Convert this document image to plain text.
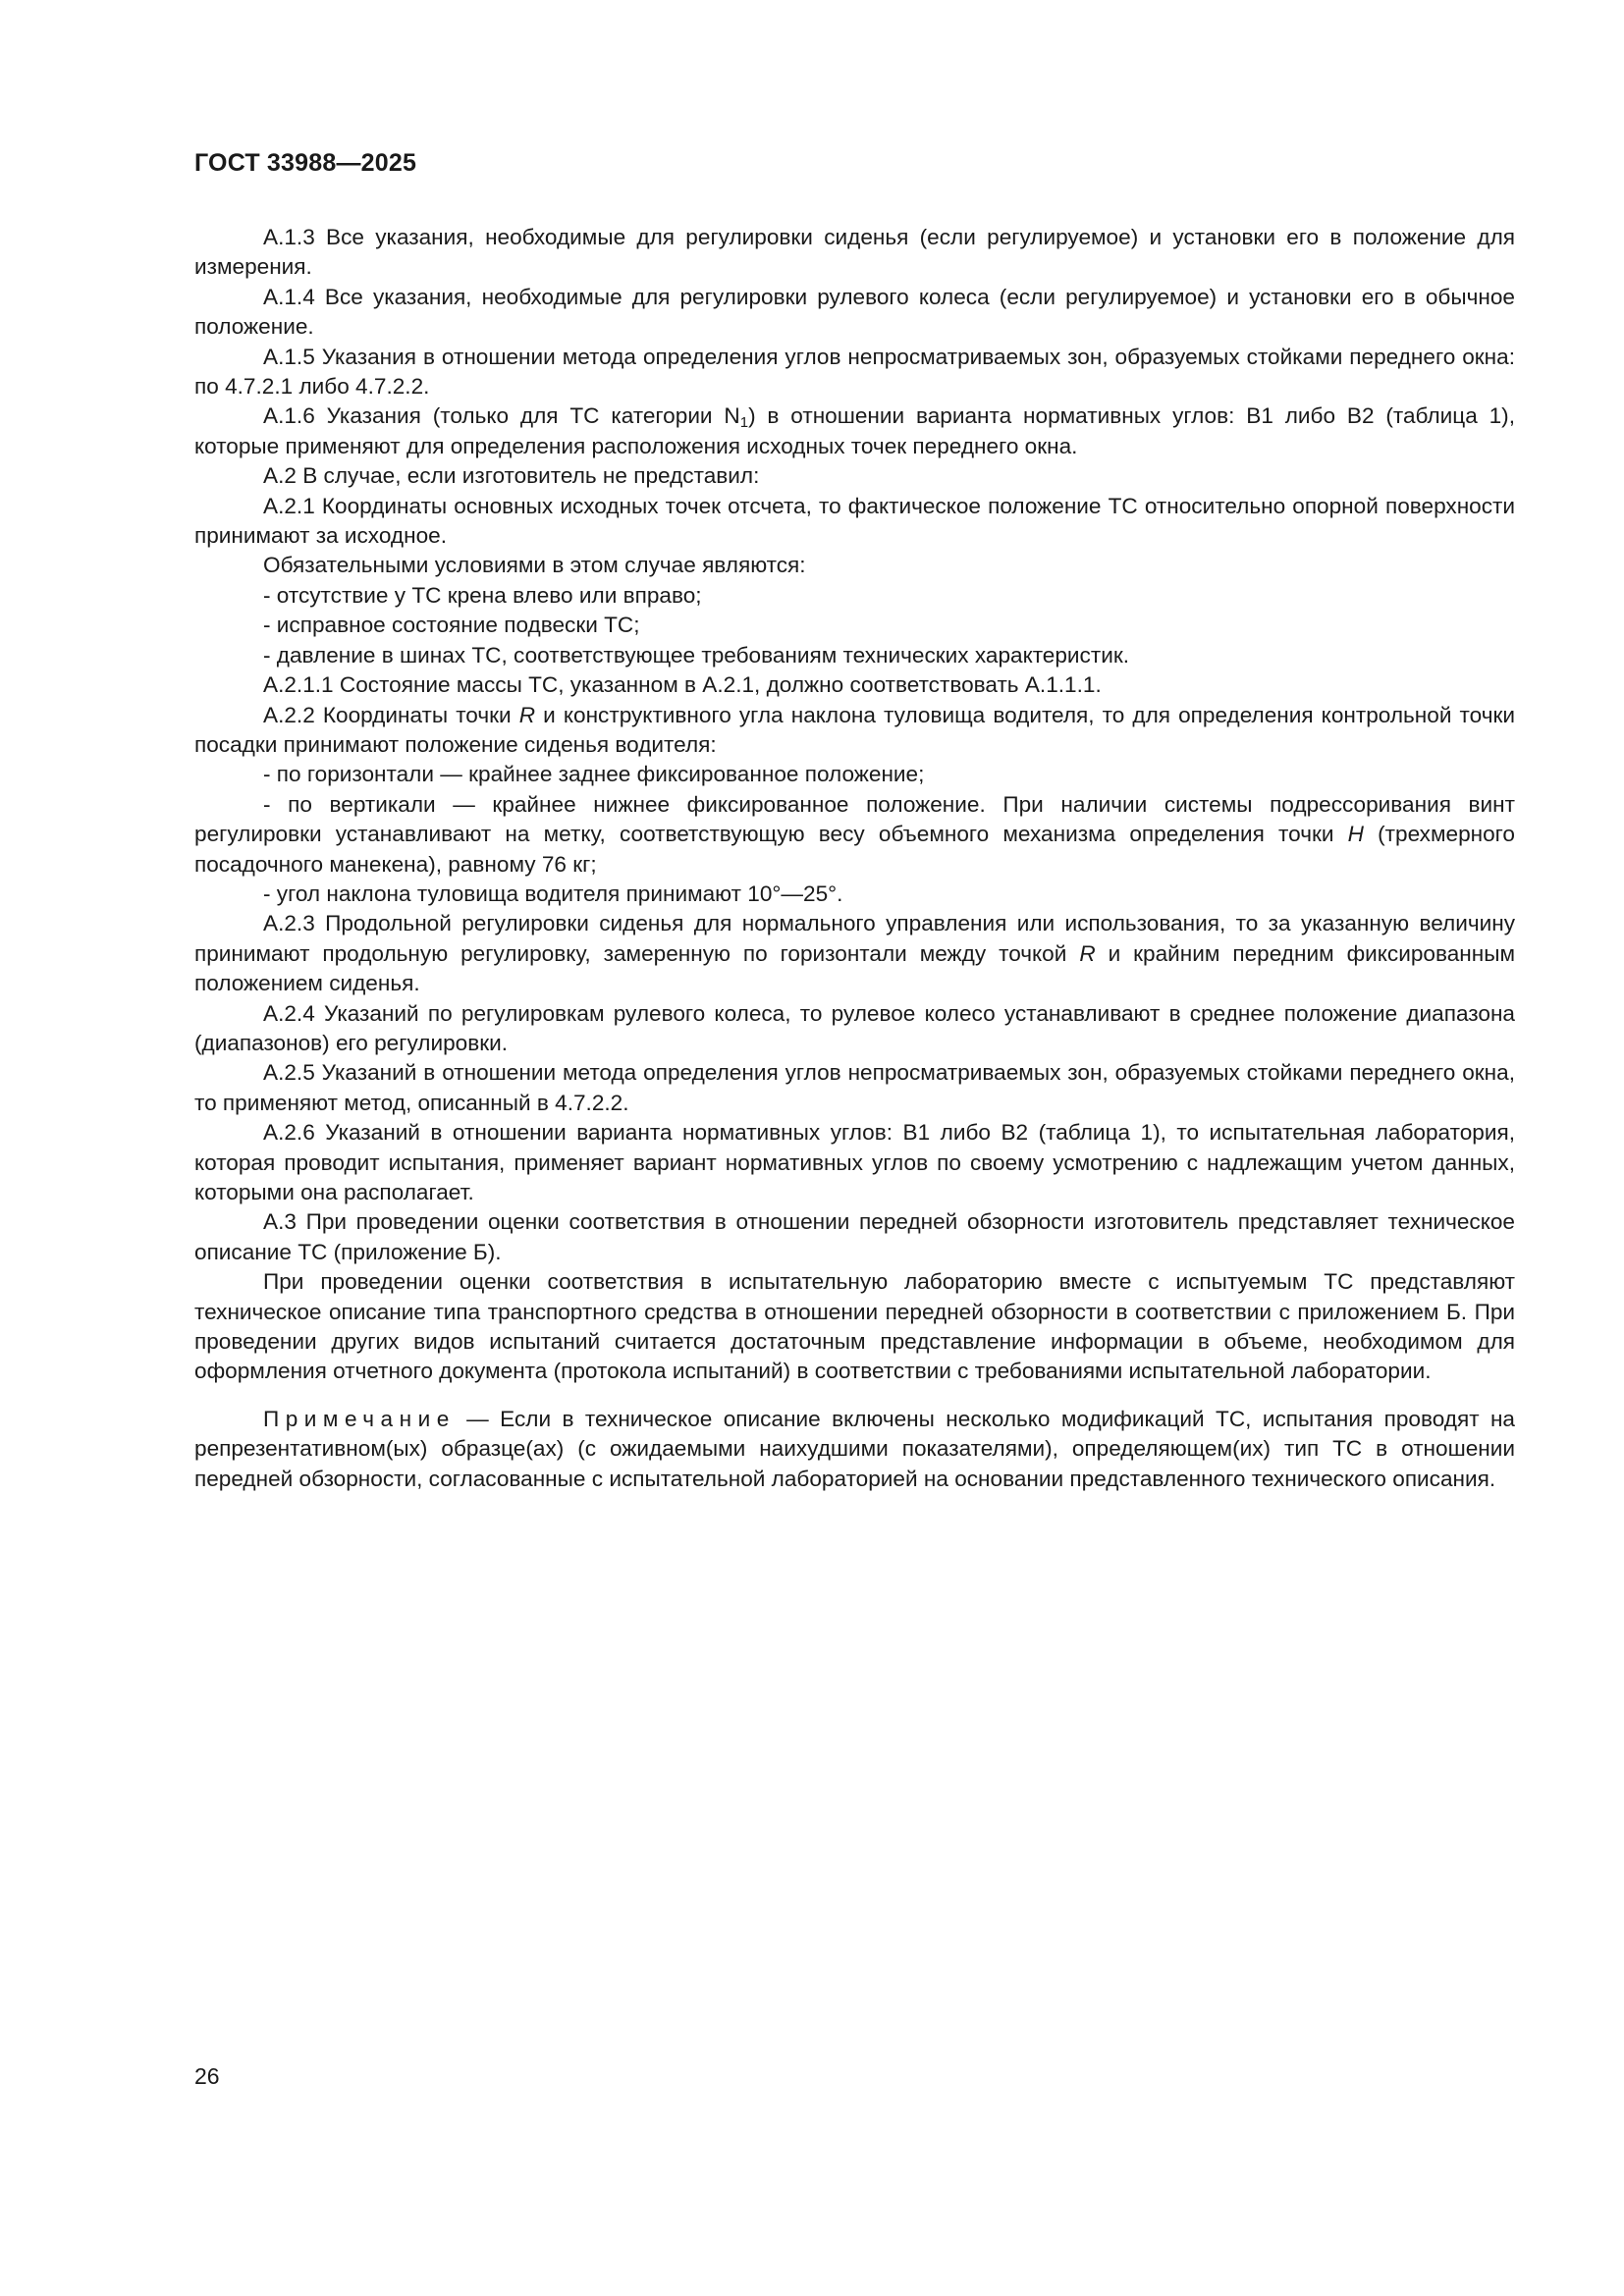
ГОСТ 33988—2025

А.1.3 Все указания, необходимые для регулировки сиденья (если регулируемое) и установки его в положение для измерения.

А.1.4 Все указания, необходимые для регулировки рулевого колеса (если регулируемое) и установки его в обычное положение.

А.1.5 Указания в отношении метода определения углов непросматриваемых зон, образуемых стойками переднего окна: по 4.7.2.1 либо 4.7.2.2.

А.1.6 Указания (только для ТС категории $N_1$) в отношении варианта нормативных углов: В1 либо В2 (таблица 1), которые применяют для определения расположения исходных точек переднего окна.

А.2 В случае, если изготовитель не представил:

А.2.1 Координаты основных исходных точек отсчета, то фактическое положение ТС относительно опорной поверхности принимают за исходное.

Обязательными условиями в этом случае являются:

- отсутствие у ТС крена влево или вправо;

- исправное состояние подвески ТС;

- давление в шинах ТС, соответствующее требованиям технических характеристик.

А.2.1.1 Состояние массы ТС, указанном в А.2.1, должно соответствовать А.1.1.1.

А.2.2 Координаты точки R и конструктивного угла наклона туловища водителя, то для определения контрольной точки посадки принимают положение сиденья водителя:

- по горизонтали — крайнее заднее фиксированное положение;

- по вертикали — крайнее нижнее фиксированное положение. При наличии системы подрессоривания винт регулировки устанавливают на метку, соответствующую весу объемного механизма определения точки H (трехмерного посадочного манекена), равному 76 кг;

- угол наклона туловища водителя принимают 10°—25°.

А.2.3 Продольной регулировки сиденья для нормального управления или использования, то за указанную величину принимают продольную регулировку, замеренную по горизонтали между точкой R и крайним передним фиксированным положением сиденья.

А.2.4 Указаний по регулировкам рулевого колеса, то рулевое колесо устанавливают в среднее положение диапазона (диапазонов) его регулировки.

А.2.5 Указаний в отношении метода определения углов непросматриваемых зон, образуемых стойками переднего окна, то применяют метод, описанный в 4.7.2.2.

А.2.6 Указаний в отношении варианта нормативных углов: В1 либо В2 (таблица 1), то испытательная лаборатория, которая проводит испытания, применяет вариант нормативных углов по своему усмотрению с надлежащим учетом данных, которыми она располагает.

А.3 При проведении оценки соответствия в отношении передней обзорности изготовитель представляет техническое описание ТС (приложение Б).

При проведении оценки соответствия в испытательную лабораторию вместе с испытуемым ТС представляют техническое описание типа транспортного средства в отношении передней обзорности в соответствии с приложением Б. При проведении других видов испытаний считается достаточным представление информации в объеме, необходимом для оформления отчетного документа (протокола испытаний) в соответствии с требованиями испытательной лаборатории.

Примечание — Если в техническое описание включены несколько модификаций ТС, испытания проводят на репрезентативном(ых) образце(ах) (с ожидаемыми наихудшими показателями), определяющем(их) тип ТС в отношении передней обзорности, согласованные с испытательной лабораторией на основании представленного технического описания.

26
